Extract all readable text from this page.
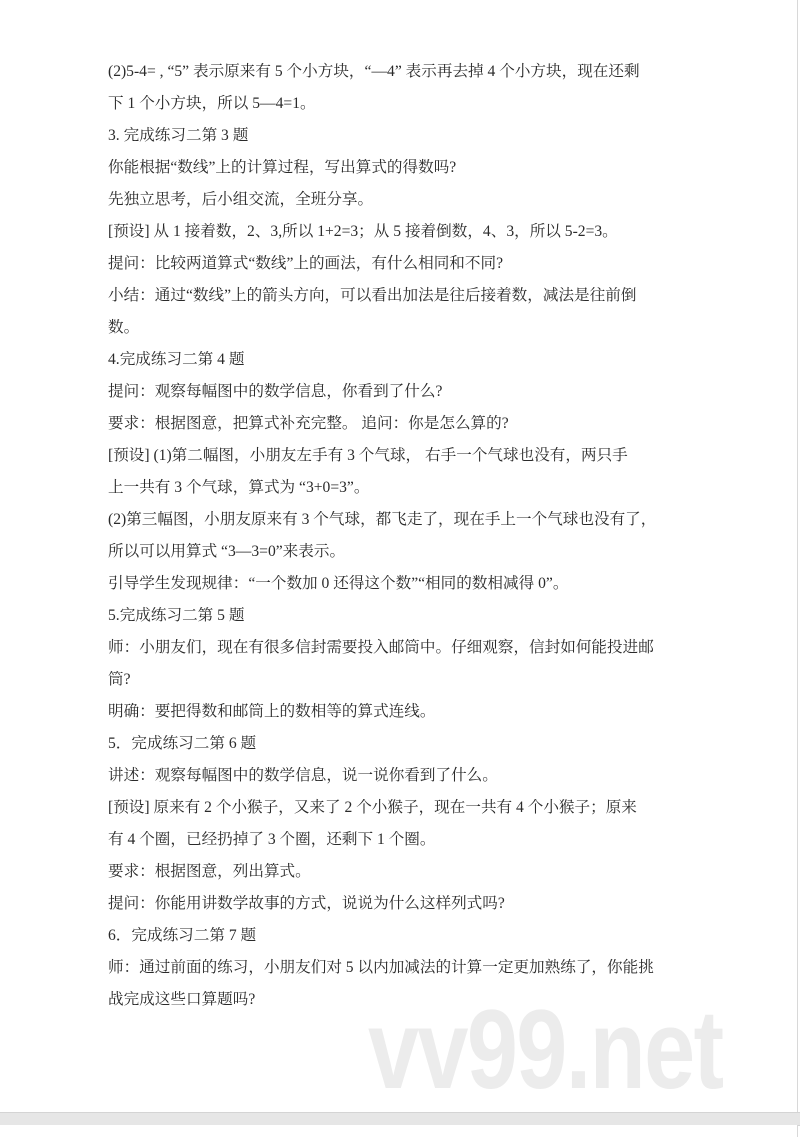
(2)5-4= , “5” 表示原来有 5 个小方块，“—4” 表示再去掉 4 个小方块，现在还剩
下 1 个小方块，所以 5—4=1。
3. 完成练习二第 3 题
你能根据“数线”上的计算过程，写出算式的得数吗?
先独立思考，后小组交流，全班分享。
[预设] 从 1 接着数，2、3,所以 1+2=3；从 5 接着倒数，4、3，所以 5-2=3。
提问：比较两道算式“数线”上的画法，有什么相同和不同?
小结：通过“数线”上的箭头方向，可以看出加法是往后接着数，减法是往前倒
数。
4.完成练习二第 4 题
提问：观察每幅图中的数学信息，你看到了什么?
要求：根据图意，把算式补充完整。 追问：你是怎么算的?
[预设] (1)第二幅图，小朋友左手有 3 个气球， 右手一个气球也没有，两只手
上一共有 3 个气球，算式为 “3+0=3”。
(2)第三幅图，小朋友原来有 3 个气球，都飞走了，现在手上一个气球也没有了，
所以可以用算式 “3—3=0”来表示。
引导学生发现规律：“一个数加 0 还得这个数”“相同的数相减得 0”。
5.完成练习二第 5 题
师：小朋友们，现在有很多信封需要投入邮筒中。仔细观察，信封如何能投进邮
筒?
明确：要把得数和邮筒上的数相等的算式连线。
5．完成练习二第 6 题
讲述：观察每幅图中的数学信息，说一说你看到了什么。
[预设] 原来有 2 个小猴子，又来了 2 个小猴子，现在一共有 4 个小猴子；原来
有 4 个圈，已经扔掉了 3 个圈，还剩下 1 个圈。
要求：根据图意，列出算式。
提问：你能用讲数学故事的方式，说说为什么这样列式吗?
6．完成练习二第 7 题
师：通过前面的练习，小朋友们对 5 以内加减法的计算一定更加熟练了，你能挑
战完成这些口算题吗?	vv99.net
